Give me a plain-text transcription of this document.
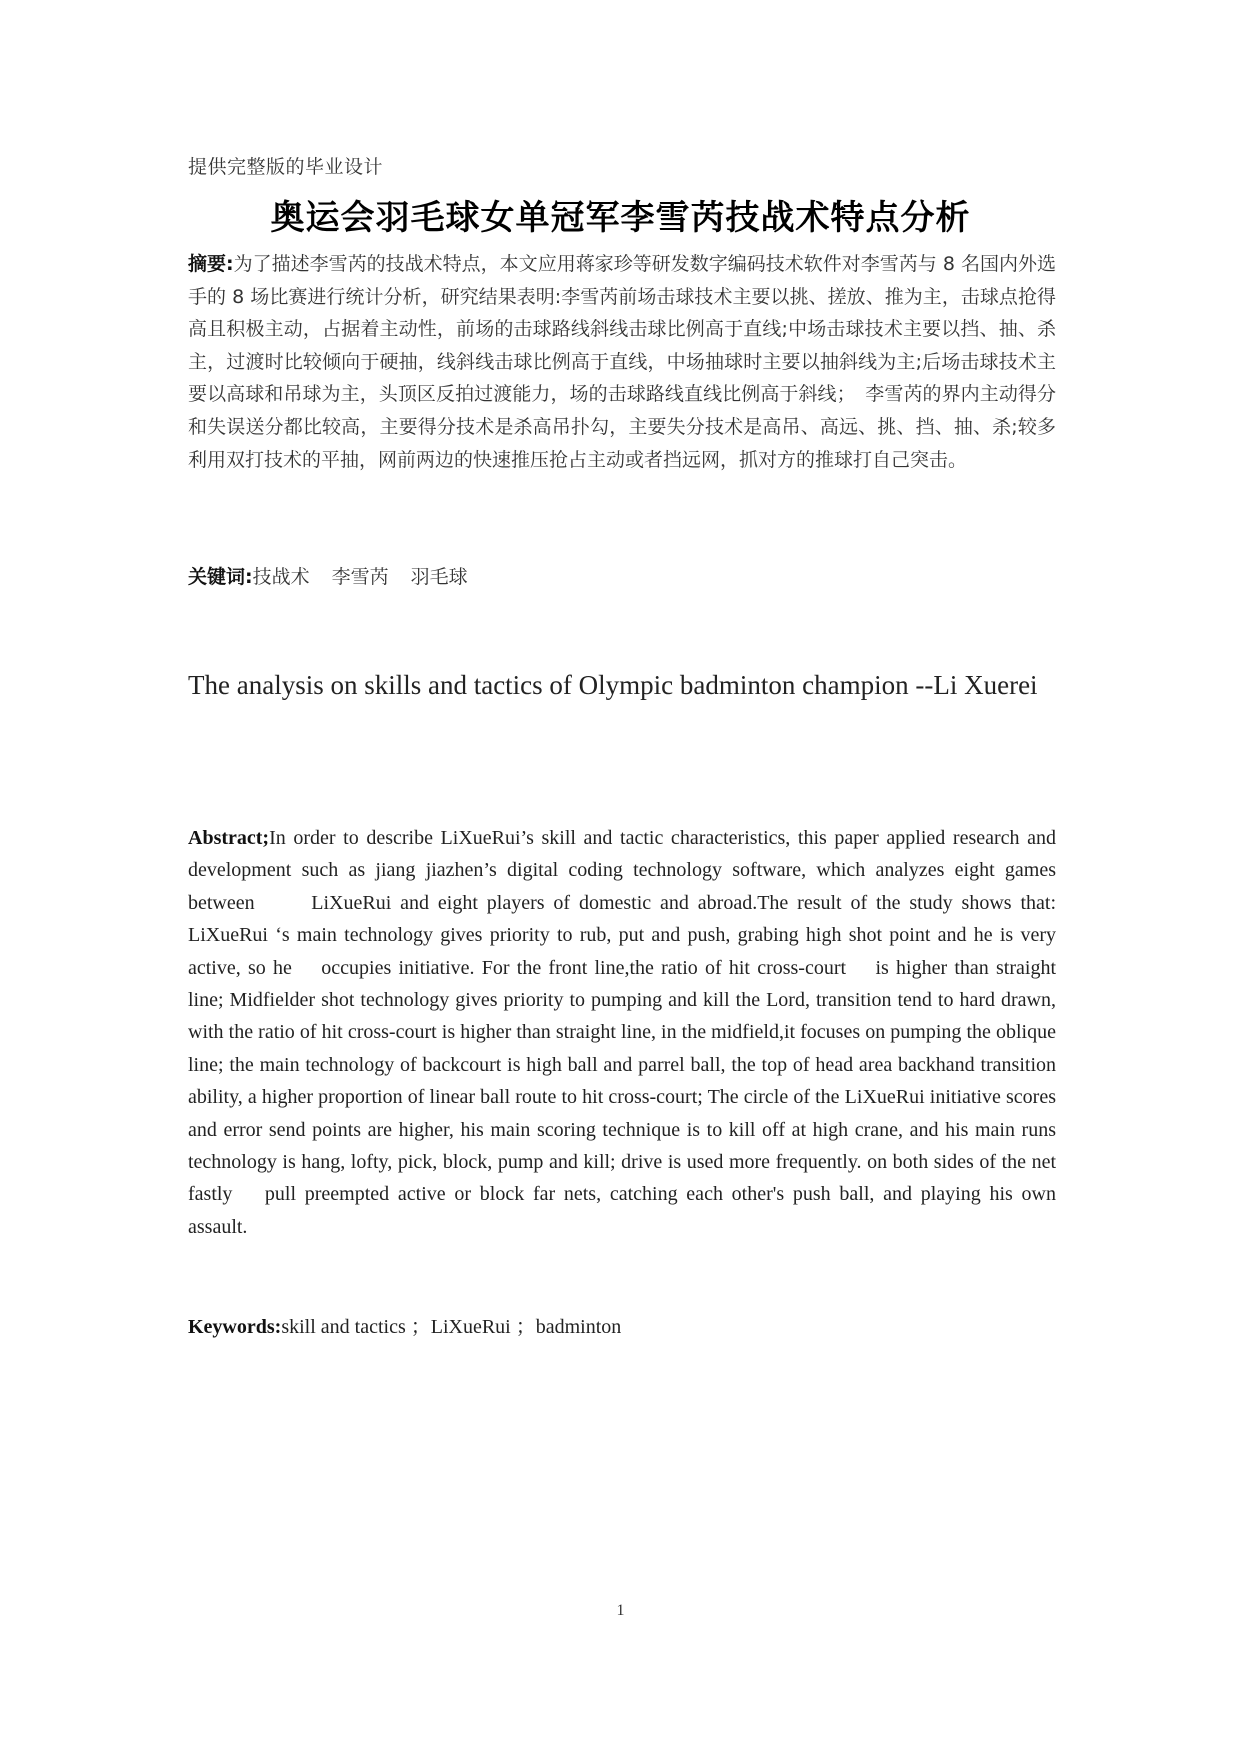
提供完整版的毕业设计
奥运会羽毛球女单冠军李雪芮技战术特点分析
摘要:为了描述李雪芮的技战术特点，本文应用蒋家珍等研发数字编码技术软件对李雪芮与 8 名国内外选手的 8 场比赛进行统计分析，研究结果表明:李雪芮前场击球技术主要以挑、搓放、推为主，击球点抢得高且积极主动，占据着主动性，前场的击球路线斜线击球比例高于直线;中场击球技术主要以挡、抽、杀主，过渡时比较倾向于硬抽，线斜线击球比例高于直线，中场抽球时主要以抽斜线为主;后场击球技术主要以高球和吊球为主，头顶区反拍过渡能力，场的击球路线直线比例高于斜线；　李雪芮的界内主动得分和失误送分都比较高，主要得分技术是杀高吊扑勾，主要失分技术是高吊、高远、挑、挡、抽、杀;较多利用双打技术的平抽，网前两边的快速推压抢占主动或者挡远网，抓对方的推球打自己突击。
关键词:技战术 李雪芮 羽毛球
The analysis on skills and tactics of Olympic badminton champion --Li Xuerei
Abstract;In order to describe LiXueRui’s skill and tactic characteristics, this paper applied research and development such as jiang jiazhen’s digital coding technology software, which analyzes eight games between 　　LiXueRui and eight players of domestic and abroad.The result of the study shows that: LiXueRui ‘s main technology gives priority to rub, put and push, grabing high shot point and he is very active, so he 　occupies initiative. For the front line,the ratio of hit cross-court 　is higher than straight line; Midfielder shot technology gives priority to pumping and kill the Lord, transition tend to hard drawn, with the ratio of hit cross-court is higher than straight line, in the midfield,it focuses on pumping the oblique line; the main technology of backcourt is high ball and parrel ball, the top of head area backhand transition ability, a higher proportion of linear ball route to hit cross-court; The circle of the LiXueRui initiative scores and error send points are higher, his main scoring technique is to kill off at high crane, and his main runs technology is hang, lofty, pick, block, pump and kill; drive is used more frequently. on both sides of the net fastly 　pull preempted active or block far nets, catching each other's push ball, and playing his own assault.
Keywords:skill and tactics ；LiXueRui ；badminton
1
